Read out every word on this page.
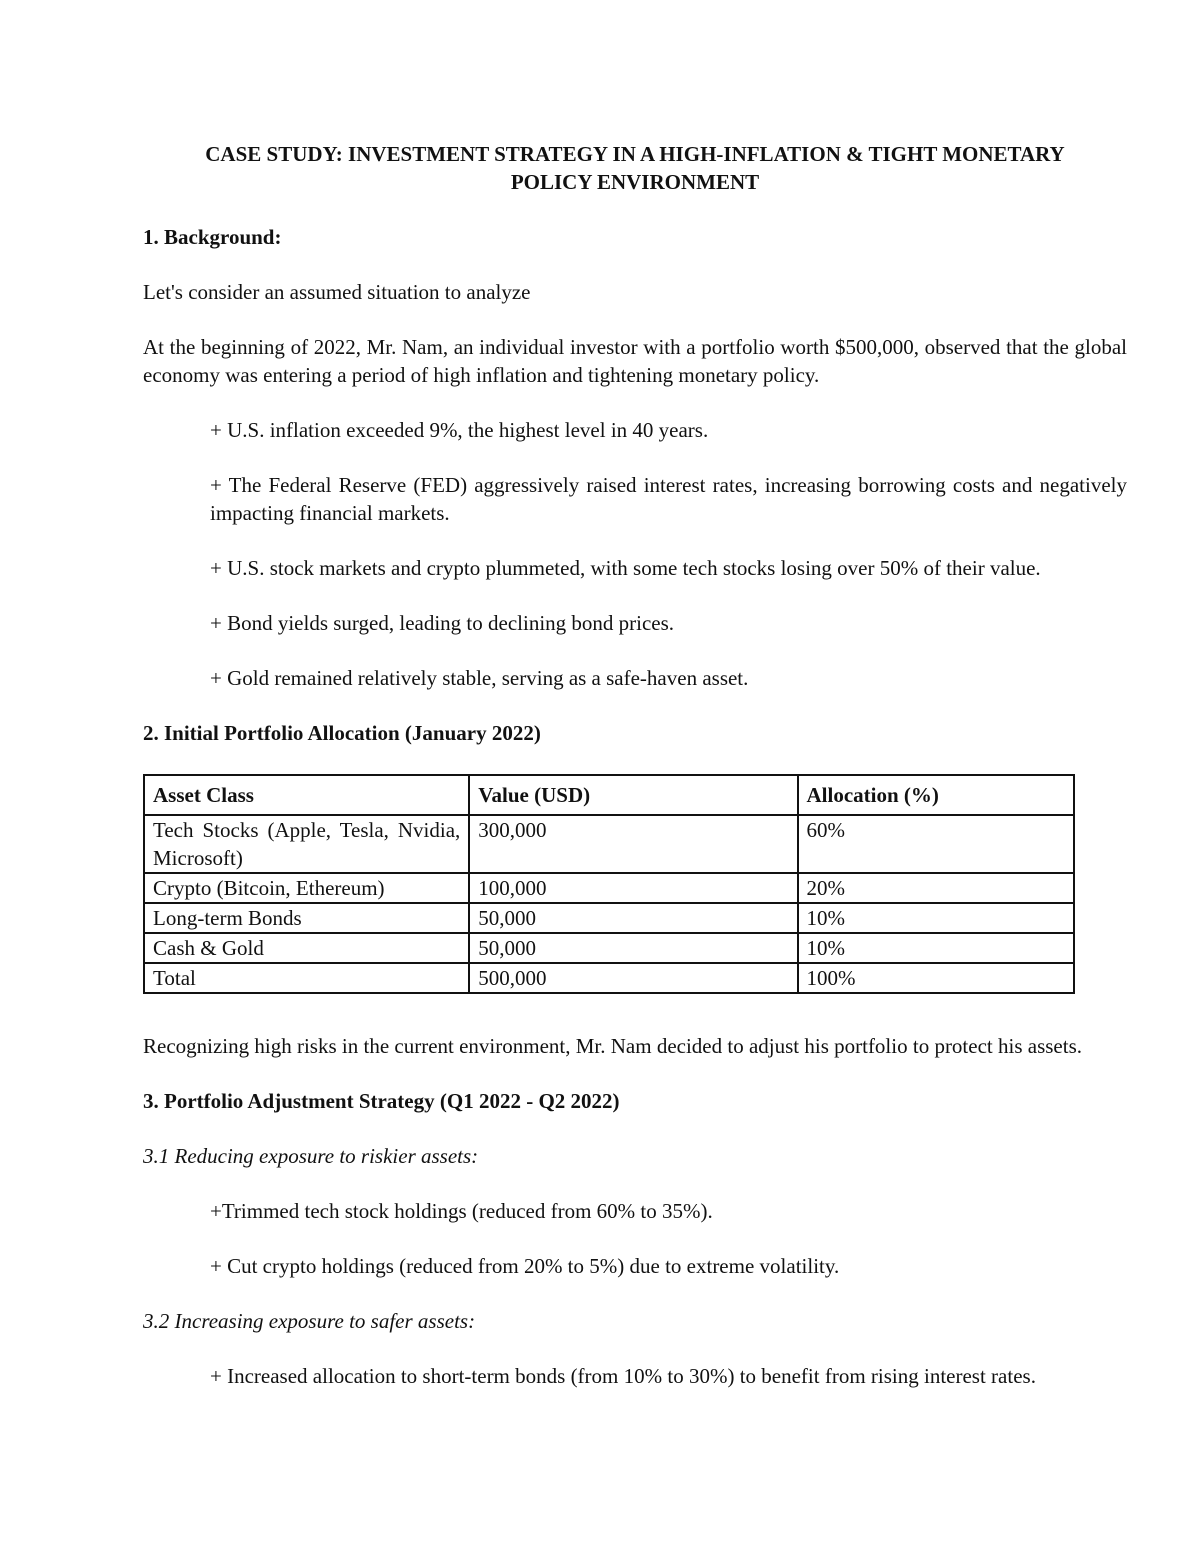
CASE STUDY: INVESTMENT STRATEGY IN A HIGH-INFLATION & TIGHT MONETARY
POLICY ENVIRONMENT
1. Background:
Let's consider an assumed situation to analyze
At the beginning of 2022, Mr. Nam, an individual investor with a portfolio worth $500,000, observed that the global economy was entering a period of high inflation and tightening monetary policy.
+ U.S. inflation exceeded 9%, the highest level in 40 years.
+ The Federal Reserve (FED) aggressively raised interest rates, increasing borrowing costs and negatively impacting financial markets.
+ U.S. stock markets and crypto plummeted, with some tech stocks losing over 50% of their value.
+ Bond yields surged, leading to declining bond prices.
+ Gold remained relatively stable, serving as a safe-haven asset.
2. Initial Portfolio Allocation (January 2022)
Asset Class	Value (USD)	Allocation (%)
Tech Stocks (Apple, Tesla, Nvidia, Microsoft)	300,000	60%
Crypto (Bitcoin, Ethereum)	100,000	20%
Long-term Bonds	50,000	10%
Cash & Gold	50,000	10%
Total	500,000	100%
Recognizing high risks in the current environment, Mr. Nam decided to adjust his portfolio to protect his assets.
3. Portfolio Adjustment Strategy (Q1 2022 - Q2 2022)
3.1 Reducing exposure to riskier assets:
+Trimmed tech stock holdings (reduced from 60% to 35%).
+ Cut crypto holdings (reduced from 20% to 5%) due to extreme volatility.
3.2 Increasing exposure to safer assets:
+ Increased allocation to short-term bonds (from 10% to 30%) to benefit from rising interest rates.
